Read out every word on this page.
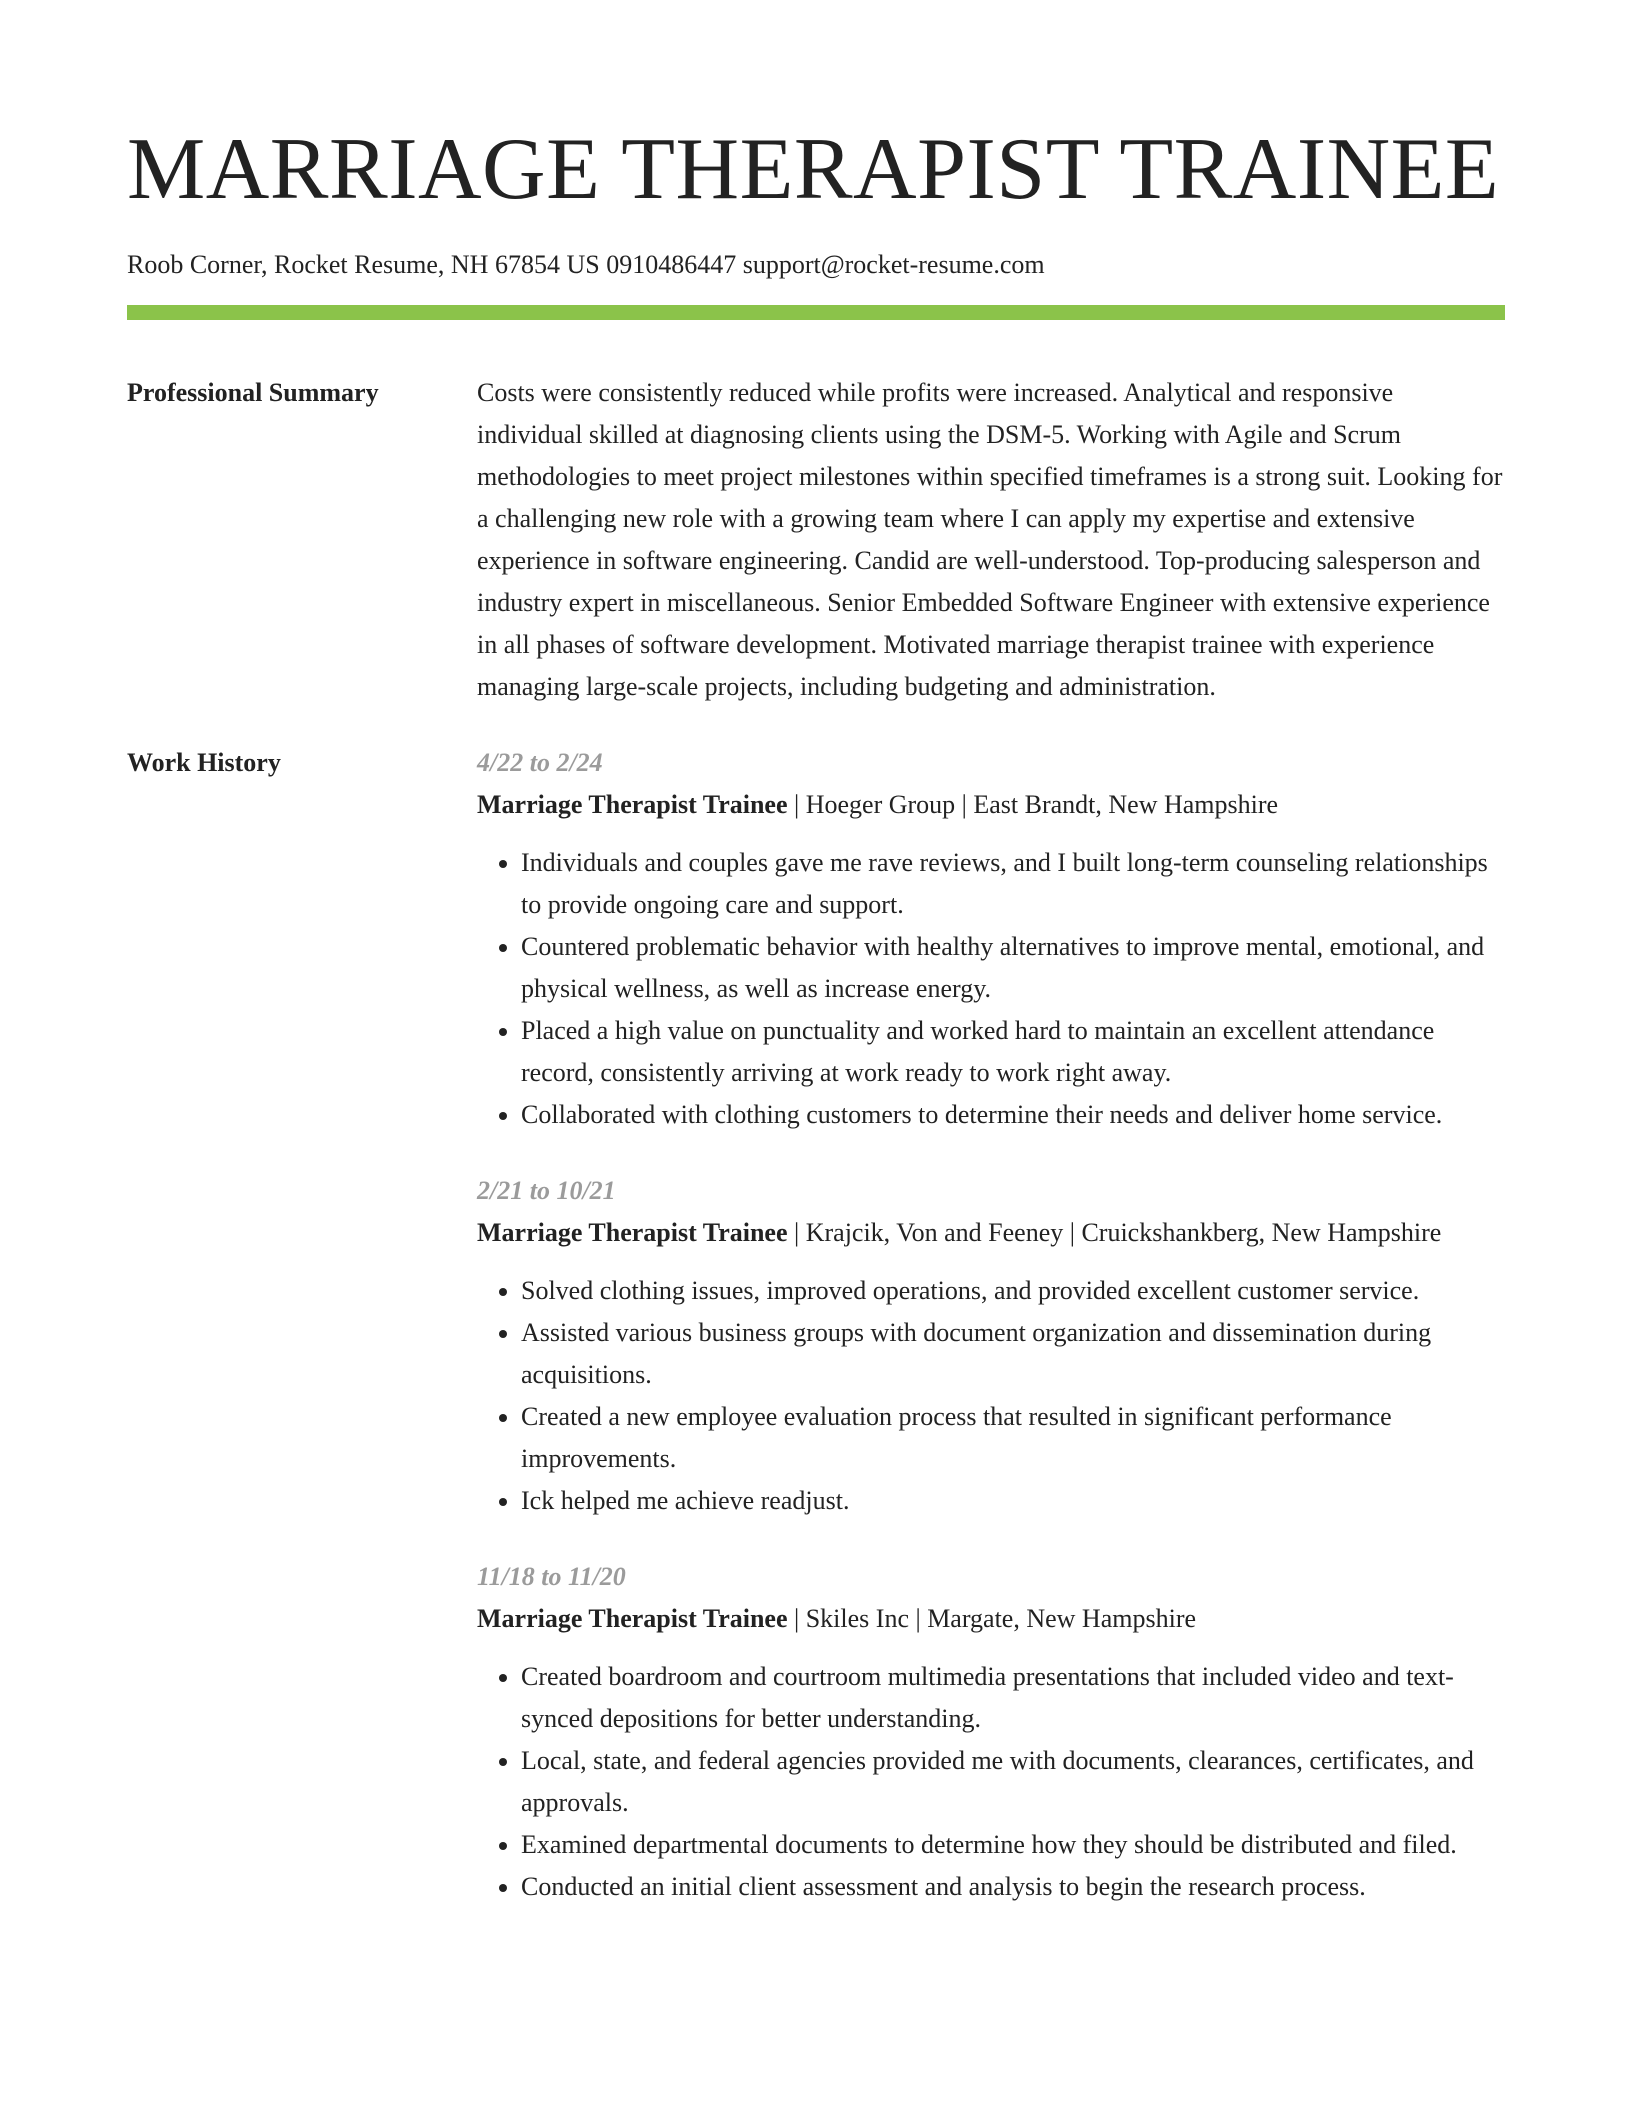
MARRIAGE THERAPIST TRAINEE
Roob Corner, Rocket Resume, NH 67854 US 0910486447 support@rocket-resume.com
Professional Summary	Costs were consistently reduced while profits were increased. Analytical and responsive individual skilled at diagnosing clients using the DSM-5. Working with Agile and Scrum methodologies to meet project milestones within specified timeframes is a strong suit. Looking for a challenging new role with a growing team where I can apply my expertise and extensive experience in software engineering. Candid are well-understood. Top-producing salesperson and industry expert in miscellaneous. Senior Embedded Software Engineer with extensive experience in all phases of software development. Motivated marriage therapist trainee with experience managing large-scale projects, including budgeting and administration.

Work History	4/22 to 2/24
Marriage Therapist Trainee | Hoeger Group | East Brandt, New Hampshire
• Individuals and couples gave me rave reviews, and I built long-term counseling relationships to provide ongoing care and support.
• Countered problematic behavior with healthy alternatives to improve mental, emotional, and physical wellness, as well as increase energy.
• Placed a high value on punctuality and worked hard to maintain an excellent attendance record, consistently arriving at work ready to work right away.
• Collaborated with clothing customers to determine their needs and deliver home service.
2/21 to 10/21
Marriage Therapist Trainee | Krajcik, Von and Feeney | Cruickshankberg, New Hampshire
• Solved clothing issues, improved operations, and provided excellent customer service.
• Assisted various business groups with document organization and dissemination during acquisitions.
• Created a new employee evaluation process that resulted in significant performance improvements.
• Ick helped me achieve readjust.
11/18 to 11/20
Marriage Therapist Trainee | Skiles Inc | Margate, New Hampshire
• Created boardroom and courtroom multimedia presentations that included video and text-synced depositions for better understanding.
• Local, state, and federal agencies provided me with documents, clearances, certificates, and approvals.
• Examined departmental documents to determine how they should be distributed and filed.
• Conducted an initial client assessment and analysis to begin the research process.
